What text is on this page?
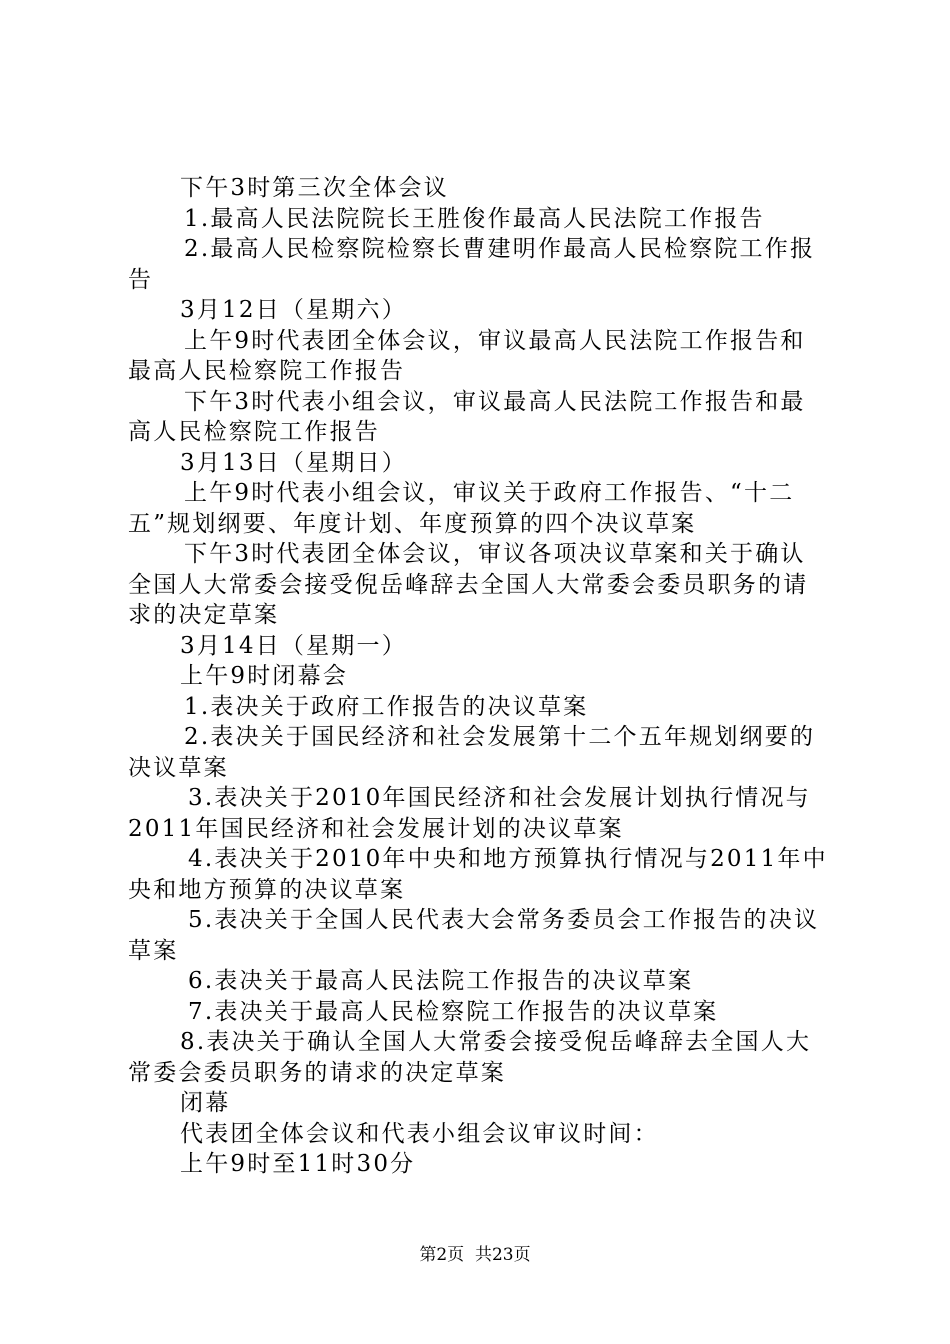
下午3时第三次全体会议
1.最高人民法院院长王胜俊作最高人民法院工作报告
2.最高人民检察院检察长曹建明作最高人民检察院工作报
告
3月12日（星期六）
上午9时代表团全体会议，审议最高人民法院工作报告和
最高人民检察院工作报告
下午3时代表小组会议，审议最高人民法院工作报告和最
高人民检察院工作报告
3月13日（星期日）
上午9时代表小组会议，审议关于政府工作报告、“十二
五”规划纲要、年度计划、年度预算的四个决议草案
下午3时代表团全体会议，审议各项决议草案和关于确认
全国人大常委会接受倪岳峰辞去全国人大常委会委员职务的请
求的决定草案
3月14日（星期一）
上午9时闭幕会
1.表决关于政府工作报告的决议草案
2.表决关于国民经济和社会发展第十二个五年规划纲要的
决议草案
3.表决关于2010年国民经济和社会发展计划执行情况与
2011年国民经济和社会发展计划的决议草案
4.表决关于2010年中央和地方预算执行情况与2011年中
央和地方预算的决议草案
5.表决关于全国人民代表大会常务委员会工作报告的决议
草案
6.表决关于最高人民法院工作报告的决议草案
7.表决关于最高人民检察院工作报告的决议草案
8.表决关于确认全国人大常委会接受倪岳峰辞去全国人大
常委会委员职务的请求的决定草案
闭幕
代表团全体会议和代表小组会议审议时间：
上午9时至11时30分
第2页  共23页
